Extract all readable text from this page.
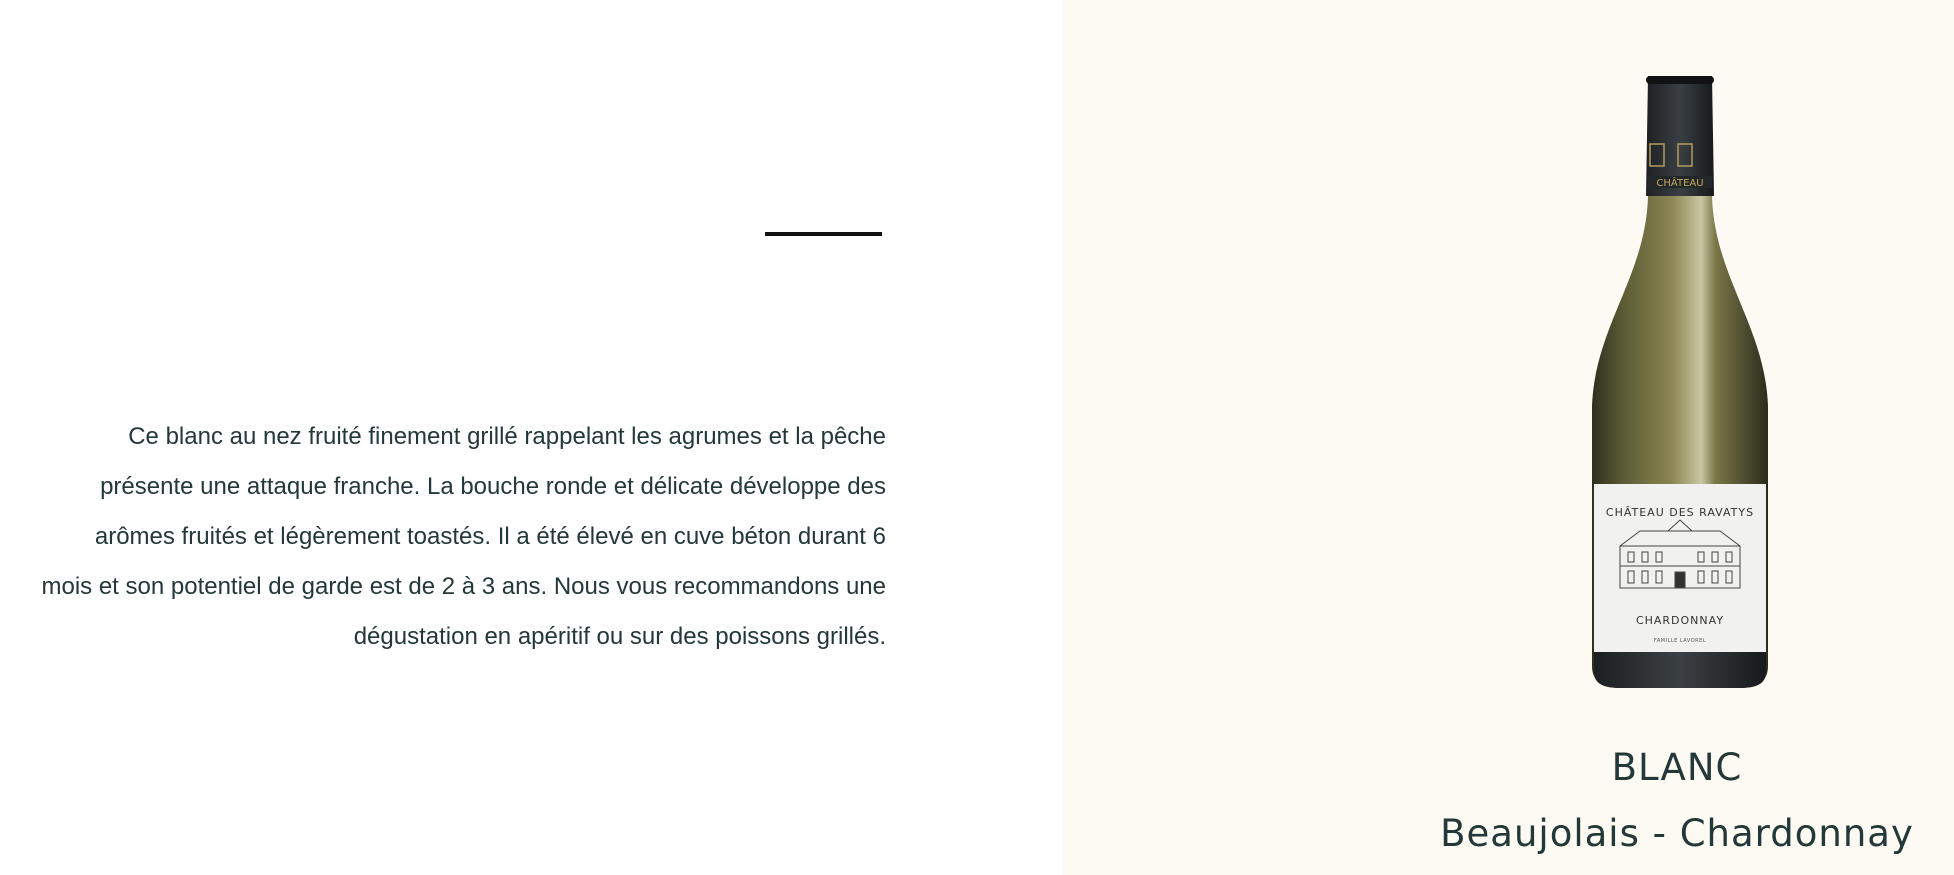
Ce blanc au nez fruité finement grillé rappelant les agrumes et la pêche présente une attaque franche. La bouche ronde et délicate développe des arômes fruités et légèrement toastés. Il a été élevé en cuve béton durant 6 mois et son potentiel de garde est de 2 à 3 ans. Nous vous recommandons une dégustation en apéritif ou sur des poissons grillés.

CHÂTEAU
CHÂTEAU DES RAVATYS
CHARDONNAY
FAMILLE LAVOREL
BLANC
Beaujolais - Chardonnay
